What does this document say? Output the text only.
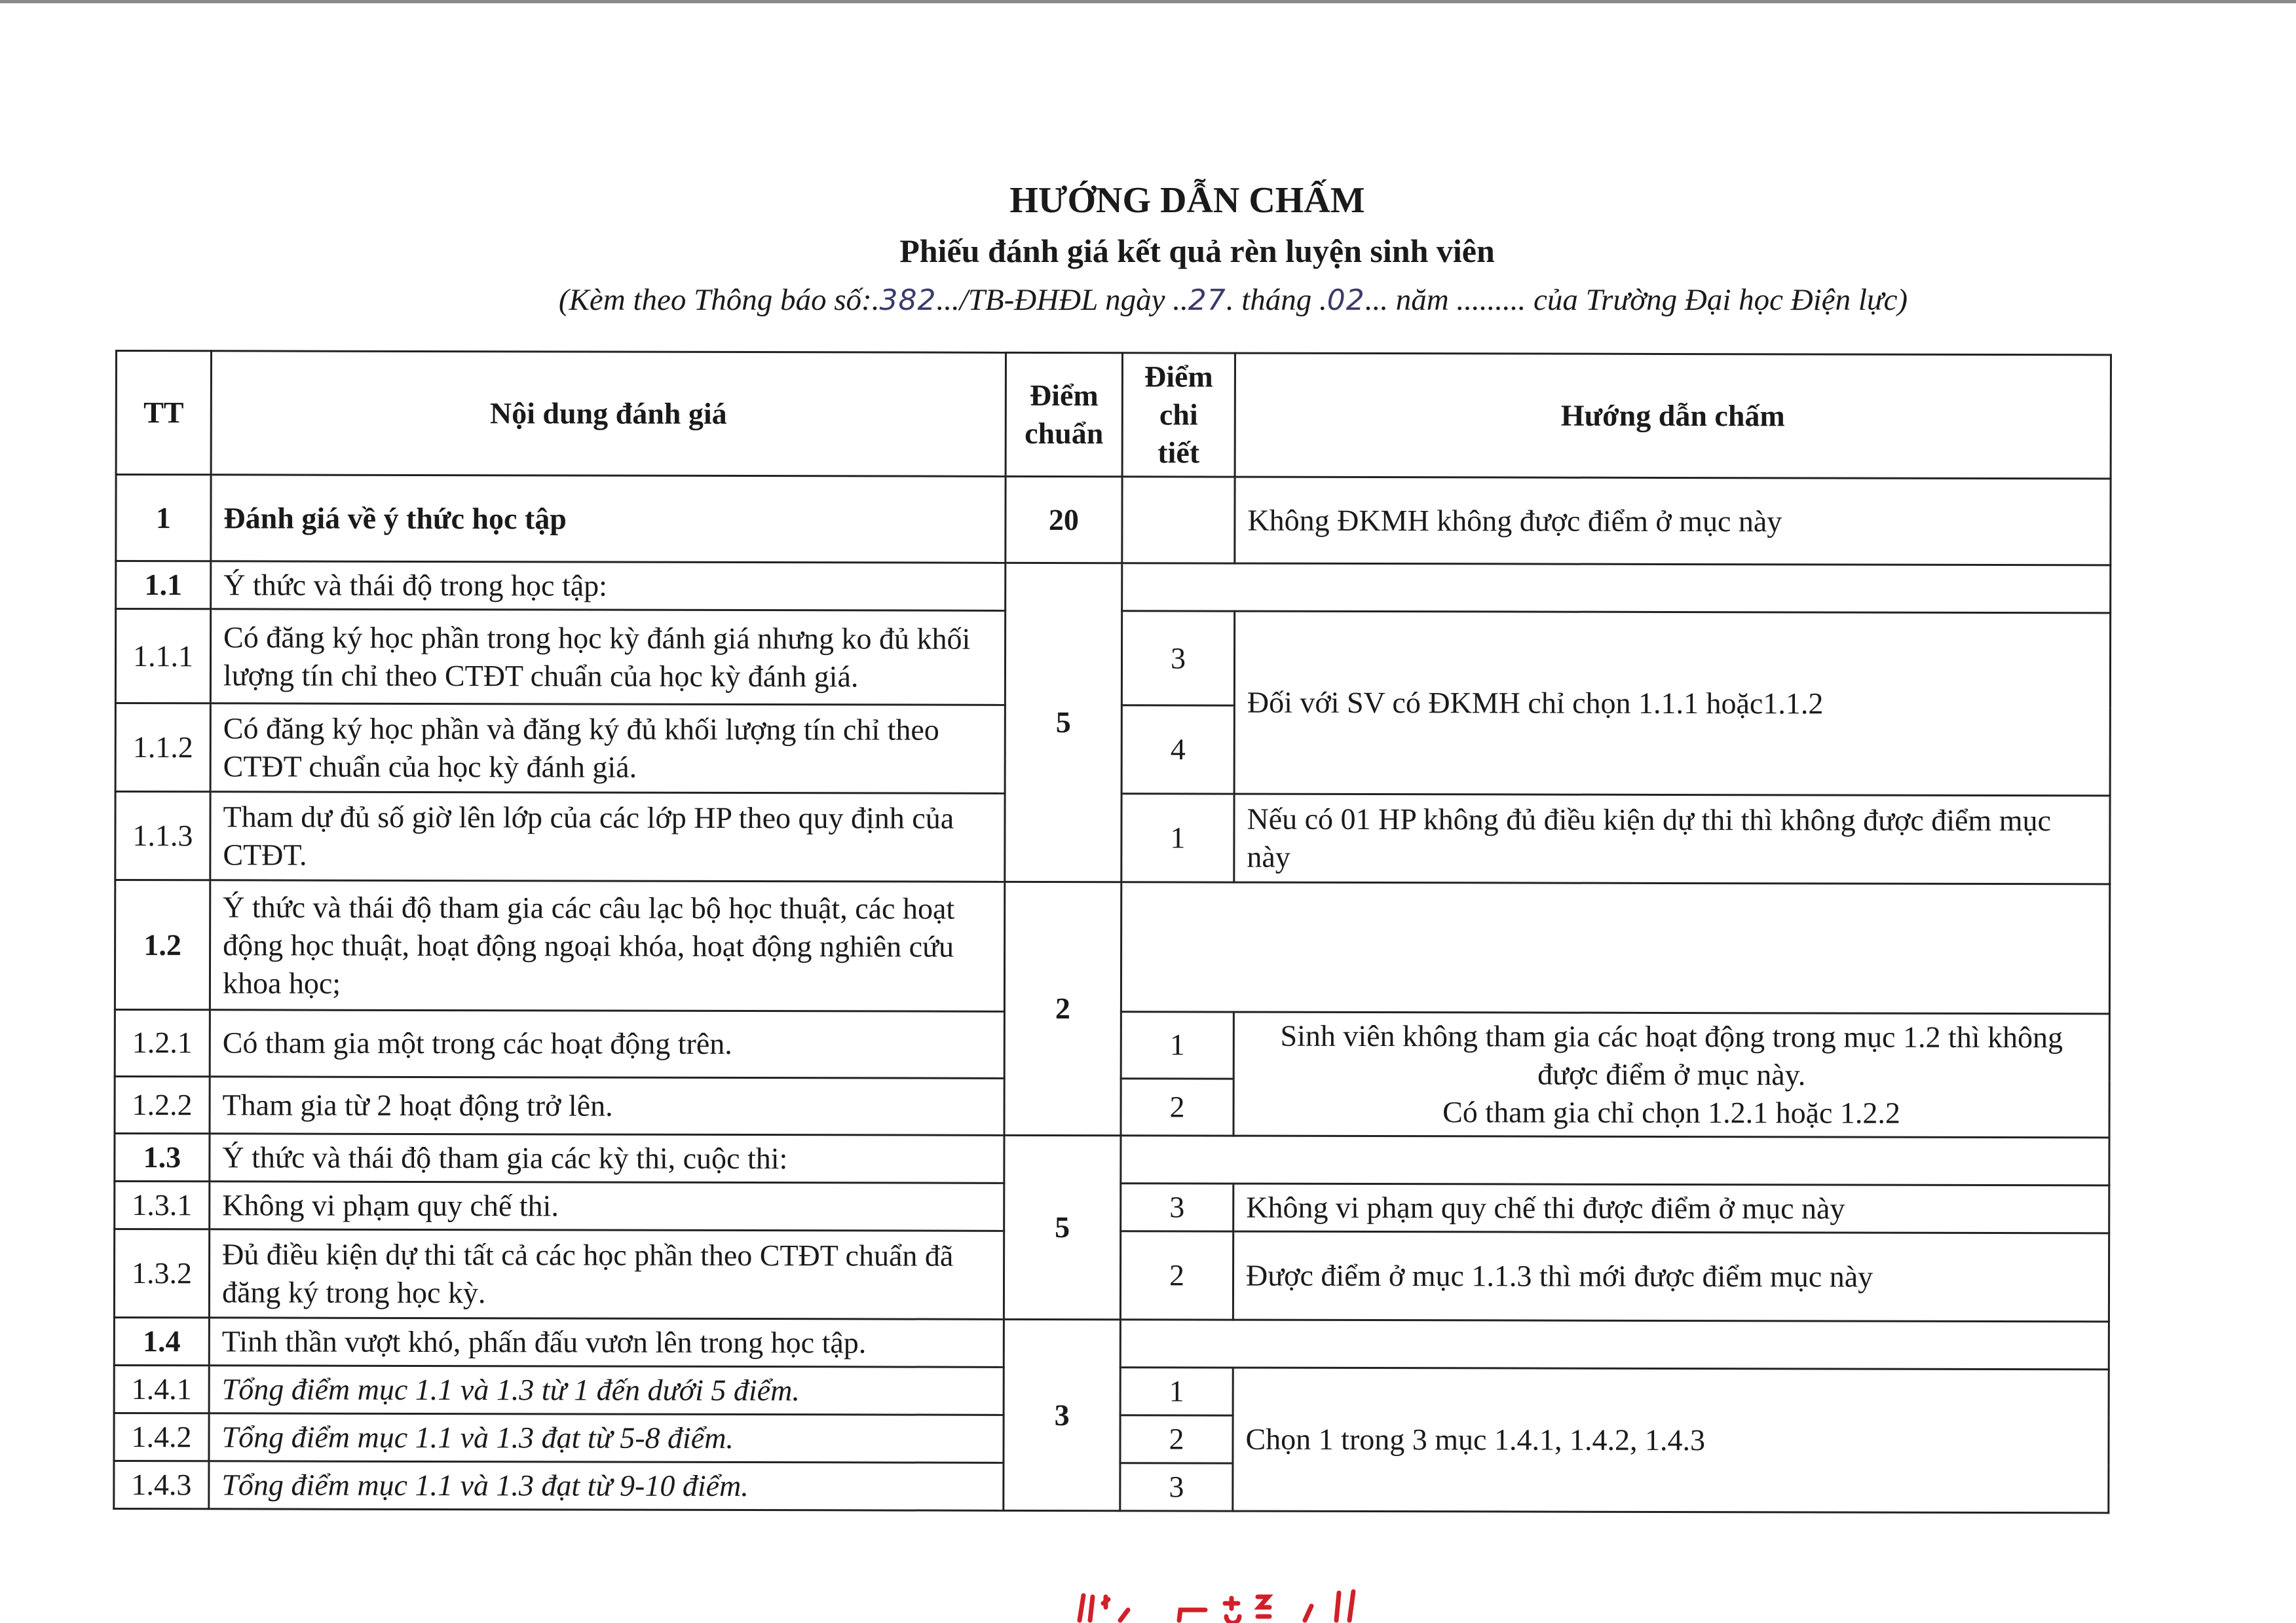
HƯỚNG DẪN CHẤM
Phiếu đánh giá kết quả rèn luyện sinh viên
(Kèm theo Thông báo số:.382.../TB-ĐHĐL ngày ..27. tháng .02... năm ......... của Trường Đại học Điện lực)
TT	Nội dung đánh giá	Điểm chuẩn	Điểm chi tiết	Hướng dẫn chấm
1	Đánh giá về ý thức học tập	20		Không ĐKMH không được điểm ở mục này
1.1	Ý thức và thái độ trong học tập:	5		
1.1.1	Có đăng ký học phần trong học kỳ đánh giá nhưng ko đủ khối lượng tín chỉ theo CTĐT chuẩn của học kỳ đánh giá.		3	Đối với SV có ĐKMH chỉ chọn 1.1.1 hoặc1.1.2
1.1.2	Có đăng ký học phần và đăng ký đủ khối lượng tín chỉ theo CTĐT chuẩn của học kỳ đánh giá.		4	
1.1.3	Tham dự đủ số giờ lên lớp của các lớp HP theo quy định của CTĐT.		1	Nếu có 01 HP không đủ điều kiện dự thi thì không được điểm mục này
1.2	Ý thức và thái độ tham gia các câu lạc bộ học thuật, các hoạt động học thuật, hoạt động ngoại khóa, hoạt động nghiên cứu khoa học;	2		
1.2.1	Có tham gia một trong các hoạt động trên.		1	Sinh viên không tham gia các hoạt động trong mục 1.2 thì không được điểm ở mục này.
Có tham gia chỉ chọn 1.2.1 hoặc 1.2.2

1.2.2	Tham gia từ 2 hoạt động trở lên.		2	
1.3	Ý thức và thái độ tham gia các kỳ thi, cuộc thi:	5		
1.3.1	Không vi phạm quy chế thi.		3	Không vi phạm quy chế thi được điểm ở mục này
1.3.2	Đủ điều kiện dự thi tất cả các học phần theo CTĐT chuẩn đã đăng ký trong học kỳ.		2	Được điểm ở mục 1.1.3 thì mới được điểm mục này
1.4	Tinh thần vượt khó, phấn đấu vươn lên trong học tập.	3		
1.4.1	Tổng điểm mục 1.1 và 1.3 từ 1 đến dưới 5 điểm.		1	Chọn 1 trong 3 mục 1.4.1, 1.4.2, 1.4.3
1.4.2	Tổng điểm mục 1.1 và 1.3 đạt từ 5-8 điểm.		2	
1.4.3	Tổng điểm mục 1.1 và 1.3 đạt từ 9-10 điểm.		3	
